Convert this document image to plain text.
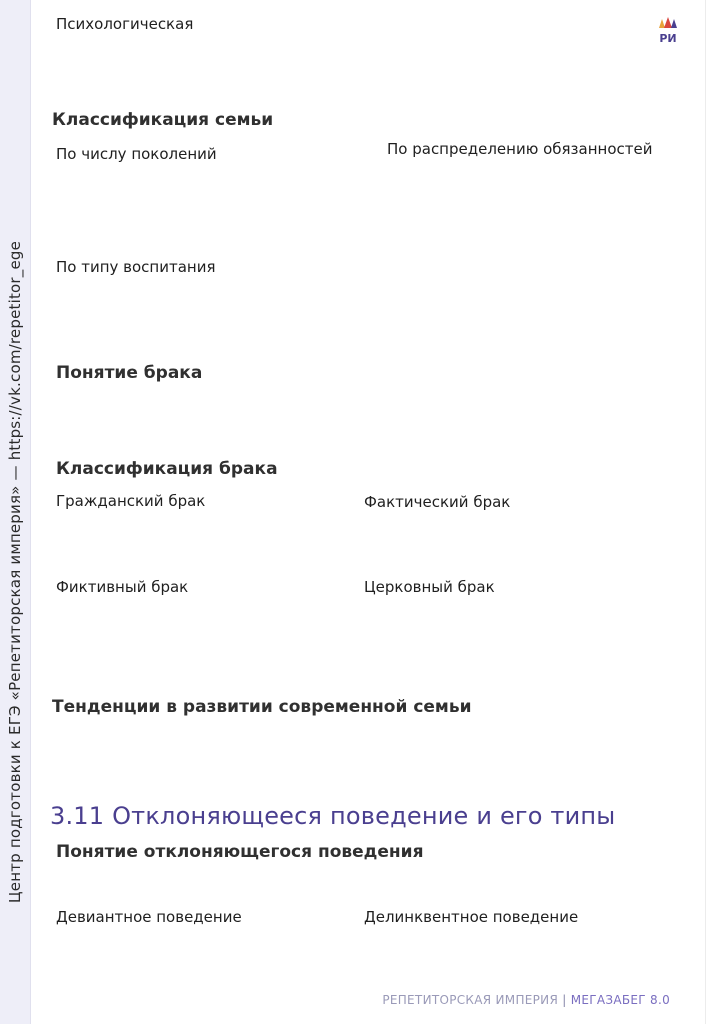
Центр подготовки к ЕГЭ «Репетиторская империя» — https://vk.com/repetitor_ege
РИ
Психологическая
Классификация семьи
По числу поколений	По распределению обязанностей
По типу воспитания
Понятие брака
Классификация брака
Гражданский брак	Фактический брак
Фиктивный брак	Церковный брак
Тенденции в развитии современной семьи
3.11 Отклоняющееся поведение и его типы
Понятие отклоняющегося поведения
Девиантное поведение	Делинквентное поведение
РЕПЕТИТОРСКАЯ ИМПЕРИЯ | МЕГАЗАБЕГ 8.0
